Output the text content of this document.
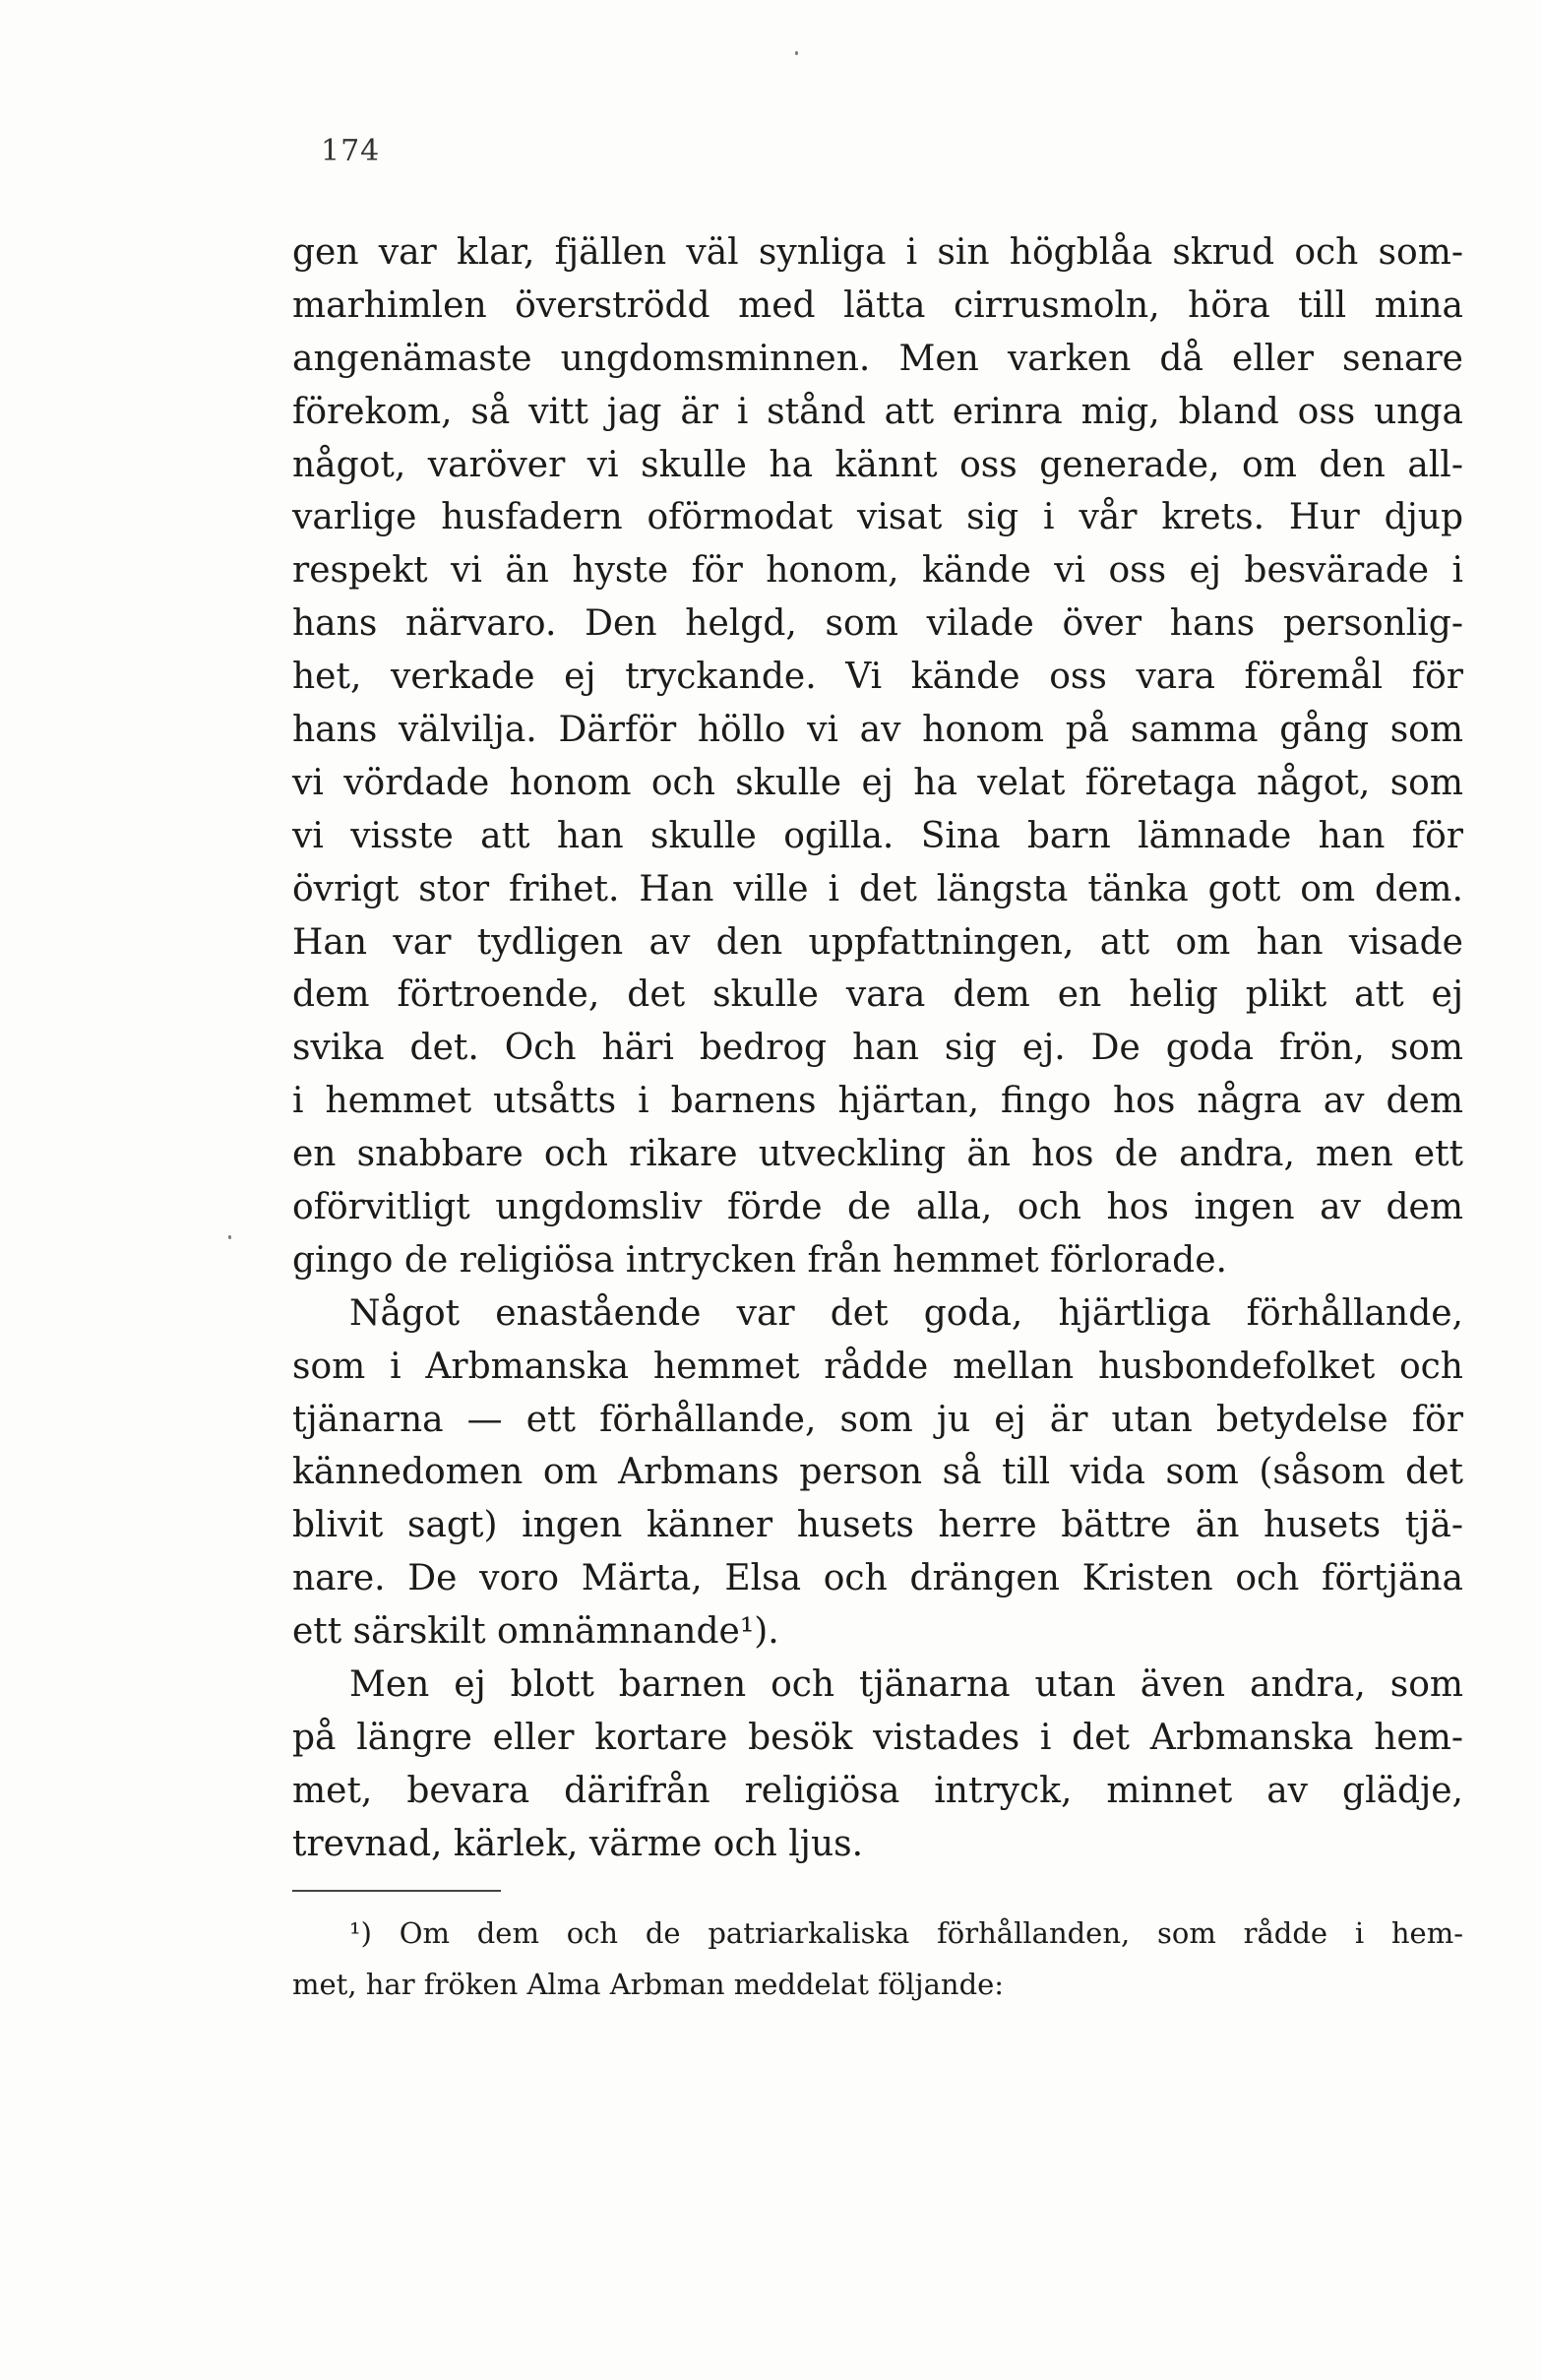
174
gen var klar, fjällen väl synliga i sin högblåa skrud och som-
marhimlen överströdd med lätta cirrusmoln, höra till mina
angenämaste ungdomsminnen. Men varken då eller senare
förekom, så vitt jag är i stånd att erinra mig, bland oss unga
något, varöver vi skulle ha kännt oss generade, om den all-
varlige husfadern oförmodat visat sig i vår krets. Hur djup
respekt vi än hyste för honom, kände vi oss ej besvärade i
hans närvaro. Den helgd, som vilade över hans personlig-
het, verkade ej tryckande. Vi kände oss vara föremål för
hans välvilja. Därför höllo vi av honom på samma gång som
vi vördade honom och skulle ej ha velat företaga något, som
vi visste att han skulle ogilla. Sina barn lämnade han för
övrigt stor frihet. Han ville i det längsta tänka gott om dem.
Han var tydligen av den uppfattningen, att om han visade
dem förtroende, det skulle vara dem en helig plikt att ej
svika det. Och häri bedrog han sig ej. De goda frön, som
i hemmet utsåtts i barnens hjärtan, fingo hos några av dem
en snabbare och rikare utveckling än hos de andra, men ett
oförvitligt ungdomsliv förde de alla, och hos ingen av dem
gingo de religiösa intrycken från hemmet förlorade.
Något enastående var det goda, hjärtliga förhållande,
som i Arbmanska hemmet rådde mellan husbondefolket och
tjänarna — ett förhållande, som ju ej är utan betydelse för
kännedomen om Arbmans person så till vida som (såsom det
blivit sagt) ingen känner husets herre bättre än husets tjä-
nare. De voro Märta, Elsa och drängen Kristen och förtjäna
ett särskilt omnämnande¹).
Men ej blott barnen och tjänarna utan även andra, som
på längre eller kortare besök vistades i det Arbmanska hem-
met, bevara därifrån religiösa intryck, minnet av glädje,
trevnad, kärlek, värme och ljus.
¹) Om dem och de patriarkaliska förhållanden, som rådde i hem-
met, har fröken Alma Arbman meddelat följande:
